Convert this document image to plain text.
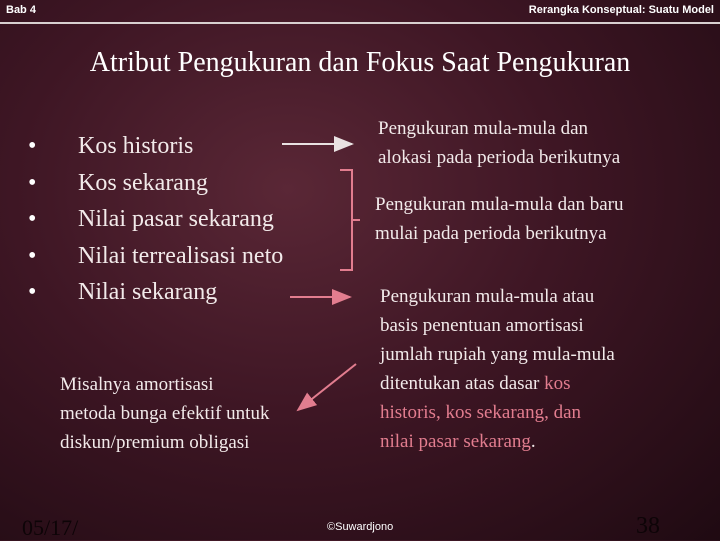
Bab 4	Rerangka Konseptual: Suatu Model
Atribut Pengukuran dan Fokus Saat Pengukuran
•	Kos historis
•	Kos sekarang
•	Nilai pasar sekarang
•	Nilai terrealisasi neto
•	Nilai sekarang
Pengukuran mula-mula dan
alokasi pada perioda berikutnya
Pengukuran mula-mula dan baru
mulai pada perioda berikutnya
Pengukuran mula-mula atau
basis penentuan amortisasi
jumlah rupiah yang mula-mula
ditentukan atas dasar kos
historis, kos sekarang, dan
nilai pasar sekarang.
Misalnya amortisasi
metoda bunga efektif untuk
diskun/premium obligasi
05/17/	©Suwardjono	38
